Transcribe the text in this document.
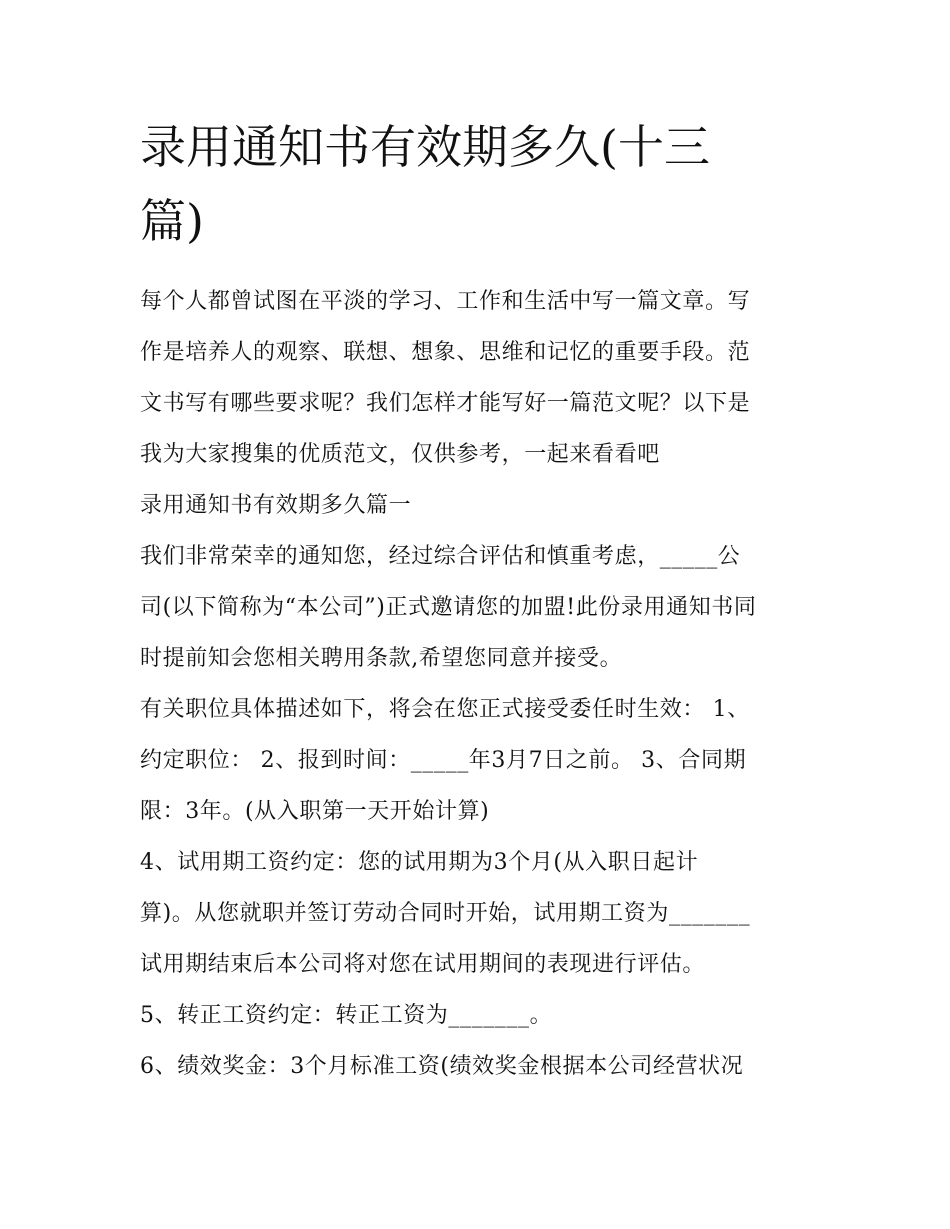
录用通知书有效期多久(十三
篇)
每个人都曾试图在平淡的学习、工作和生活中写一篇文章。写
作是培养人的观察、联想、想象、思维和记忆的重要手段。范
文书写有哪些要求呢？我们怎样才能写好一篇范文呢？以下是
我为大家搜集的优质范文，仅供参考，一起来看看吧
录用通知书有效期多久篇一
我们非常荣幸的通知您，经过综合评估和慎重考虑，_____公
司(以下简称为“本公司”)正式邀请您的加盟!此份录用通知书同
时提前知会您相关聘用条款,希望您同意并接受。
有关职位具体描述如下，将会在您正式接受委任时生效： 1、
约定职位： 2、报到时间：_____年3月7日之前。 3、合同期
限：3年。(从入职第一天开始计算)
4、试用期工资约定：您的试用期为3个月(从入职日起计
算)。从您就职并签订劳动合同时开始，试用期工资为_______
试用期结束后本公司将对您在试用期间的表现进行评估。
5、转正工资约定：转正工资为_______。
6、绩效奖金：3个月标准工资(绩效奖金根据本公司经营状况
